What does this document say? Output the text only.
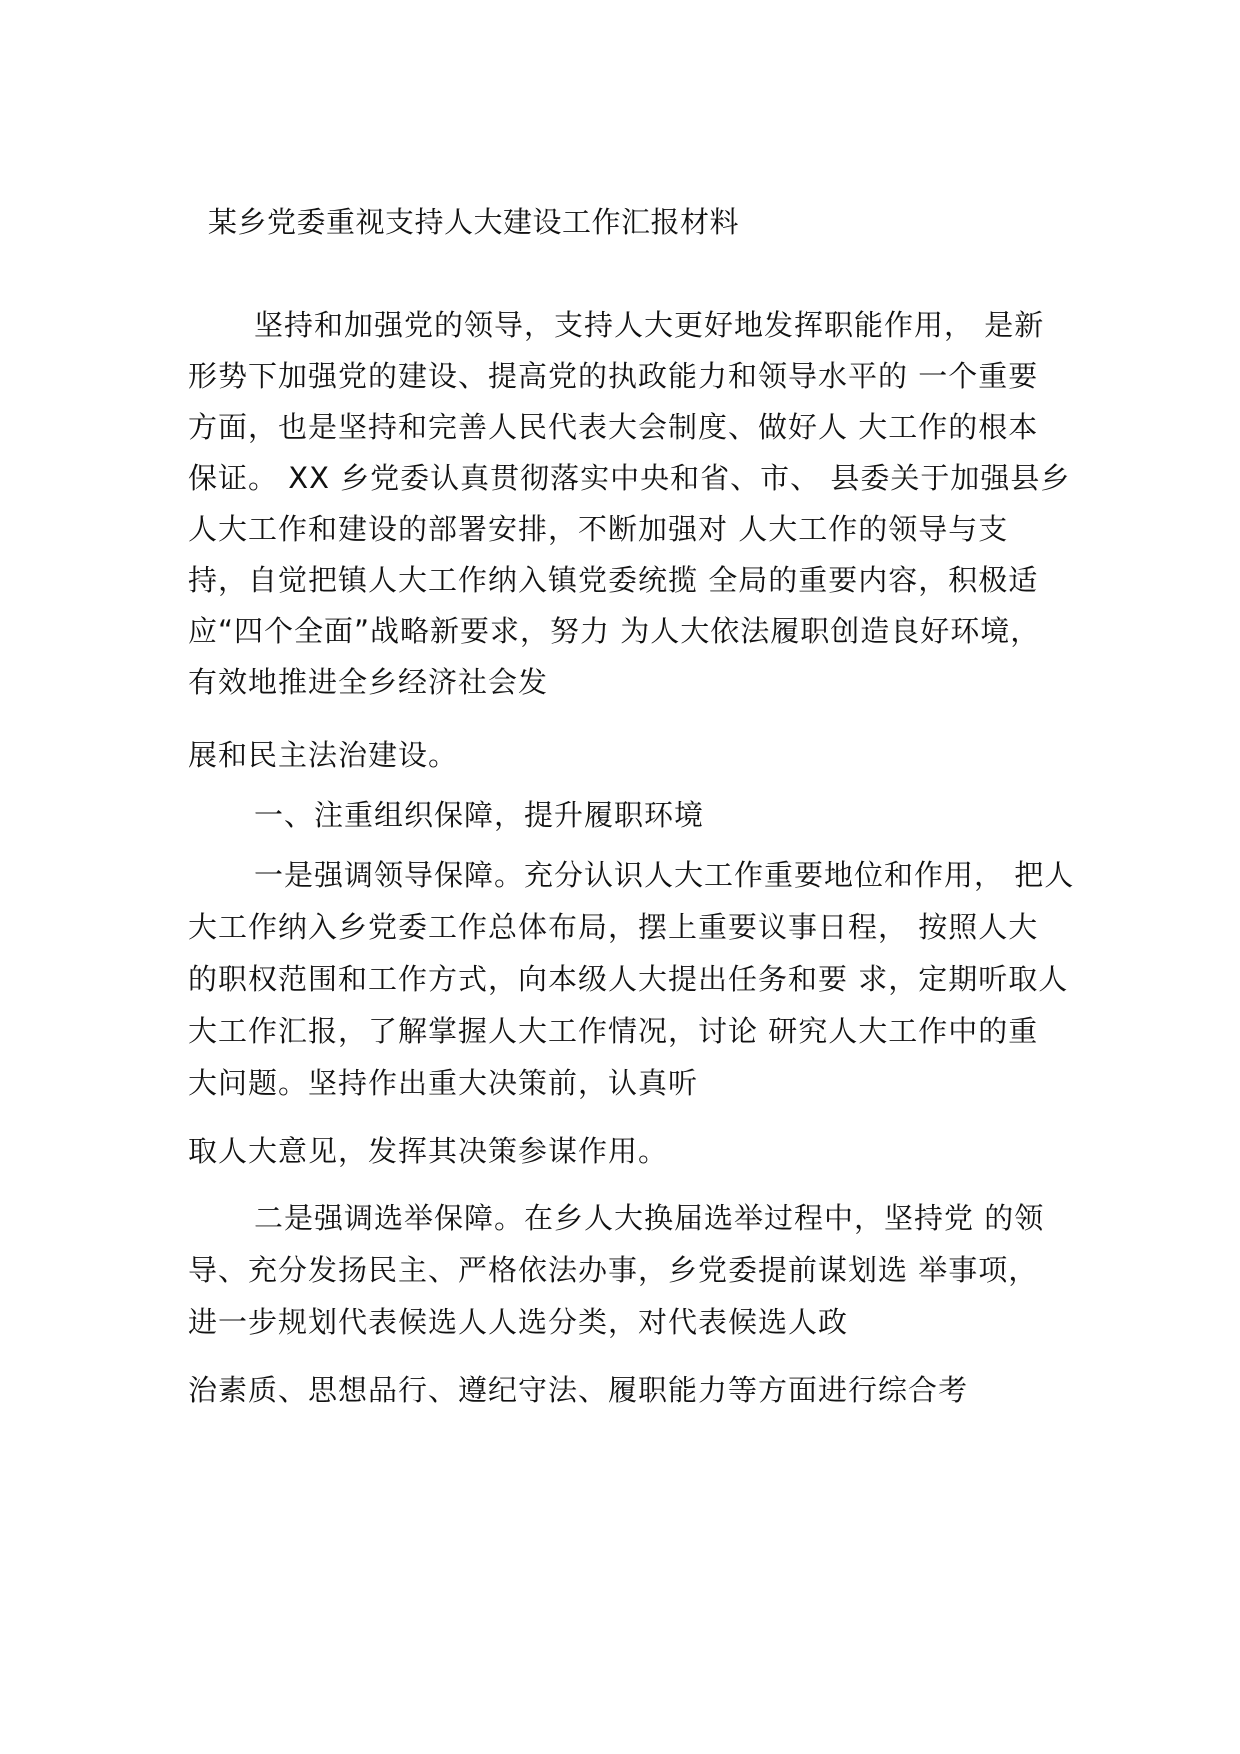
某乡党委重视支持人大建设工作汇报材料
坚持和加强党的领导，支持人大更好地发挥职能作用， 是新
形势下加强党的建设、提高党的执政能力和领导水平的 一个重要
方面，也是坚持和完善人民代表大会制度、做好人 大工作的根本
保证。 XX 乡党委认真贯彻落实中央和省、市、 县委关于加强县乡
人大工作和建设的部署安排，不断加强对 人大工作的领导与支
持，自觉把镇人大工作纳入镇党委统揽 全局的重要内容，积极适
应“四个全面”战略新要求，努力 为人大依法履职创造良好环境，
有效地推进全乡经济社会发
展和民主法治建设。
一、注重组织保障，提升履职环境
一是强调领导保障。充分认识人大工作重要地位和作用， 把人
大工作纳入乡党委工作总体布局，摆上重要议事日程， 按照人大
的职权范围和工作方式，向本级人大提出任务和要 求，定期听取人
大工作汇报，了解掌握人大工作情况，讨论 研究人大工作中的重
大问题。坚持作出重大决策前，认真听
取人大意见，发挥其决策参谋作用。
二是强调选举保障。在乡人大换届选举过程中，坚持党 的领
导、充分发扬民主、严格依法办事，乡党委提前谋划选 举事项，
进一步规划代表候选人人选分类，对代表候选人政
治素质、思想品行、遵纪守法、履职能力等方面进行综合考
